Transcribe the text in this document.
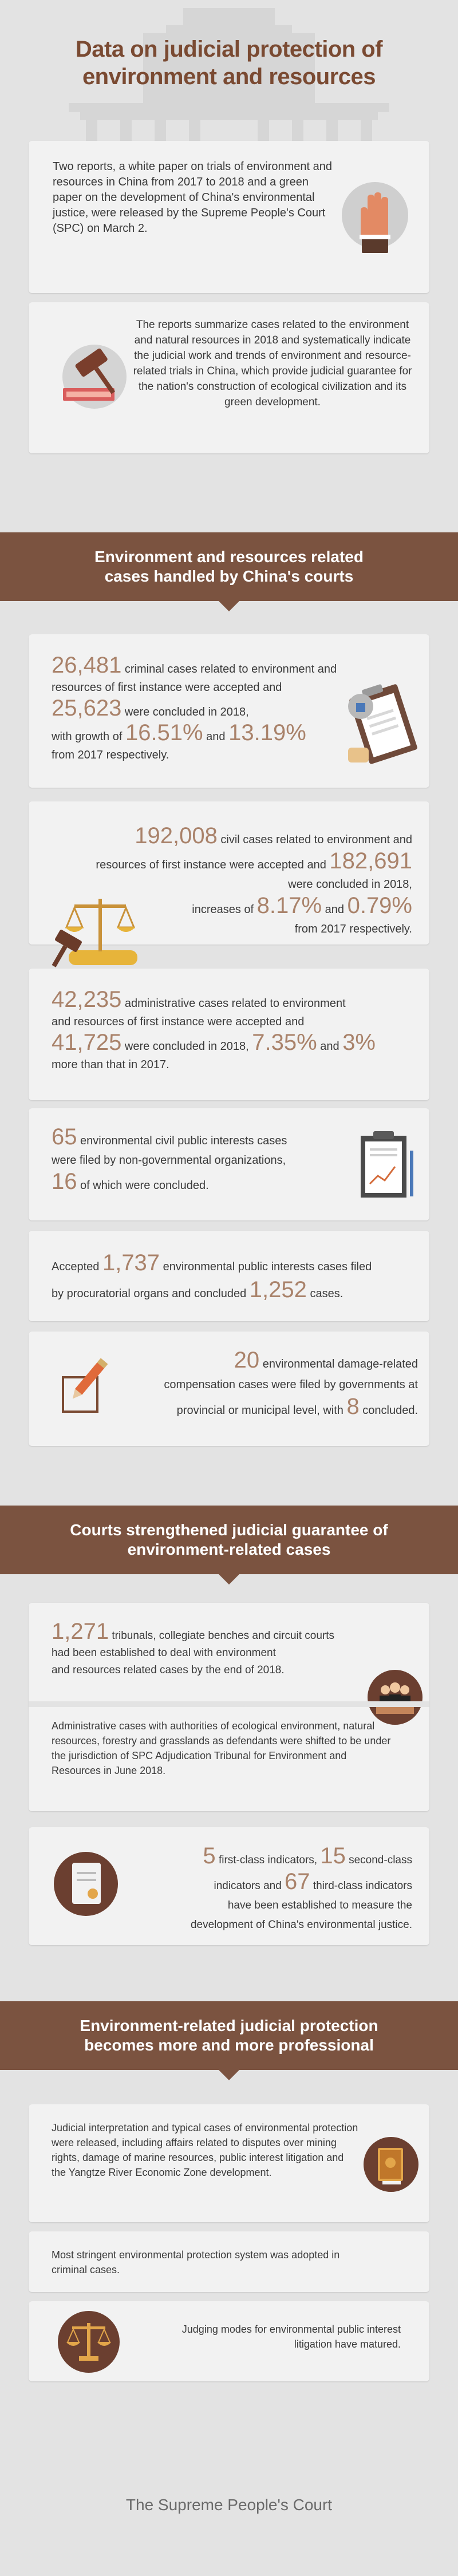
Data on judicial protection of
environment and resources
Two reports, a white paper on trials of environment and resources in China from 2017 to 2018 and a green paper on the development of China's environmental justice, were released by the Supreme People's Court (SPC) on March 2.
The reports summarize cases related to the environment and natural resources in 2018 and systematically indicate the judicial work and trends of environment and resource-related trials in China, which provide judicial guarantee for the nation's construction of ecological civilization and its green development.
Environment and resources related
cases handled by China's courts
26,481 criminal cases related to environment and
resources of first instance were accepted and
25,623 were concluded in 2018,
with growth of 16.51% and 13.19%
from 2017 respectively.
192,008 civil cases related to environment and
resources of first instance were accepted and 182,691
were concluded in 2018,
increases of 8.17% and 0.79%
from 2017 respectively.
42,235 administrative cases related to environment
and resources of first instance were accepted and
41,725 were concluded in 2018, 7.35% and 3%
more than that in 2017.
65 environmental civil public interests cases
were filed by non-governmental organizations,
16 of which were concluded.
Accepted 1,737 environmental public interests cases filed
by procuratorial organs and concluded 1,252 cases.
20 environmental damage-related
compensation cases were filed by governments at
provincial or municipal level, with 8 concluded.
Courts strengthened judicial guarantee of
environment-related cases
1,271 tribunals, collegiate benches and circuit courts
had been established to deal with environment
and resources related cases by the end of 2018.
Administrative cases with authorities of ecological environment, natural resources, forestry and grasslands as defendants were shifted to be under the jurisdiction of SPC Adjudication Tribunal for Environment and Resources in June 2018.
5 first-class indicators, 15 second-class
indicators and 67 third-class indicators
have been established to measure the
development of China's environmental justice.
Environment-related judicial protection
becomes more and more professional
Judicial interpretation and typical cases of environmental protection were released, including affairs related to disputes over mining rights, damage of marine resources, public interest litigation and the Yangtze River Economic Zone development.
Most stringent environmental protection system was adopted in criminal cases.
Judging modes for environmental public interest litigation have matured.
The Supreme People's Court
